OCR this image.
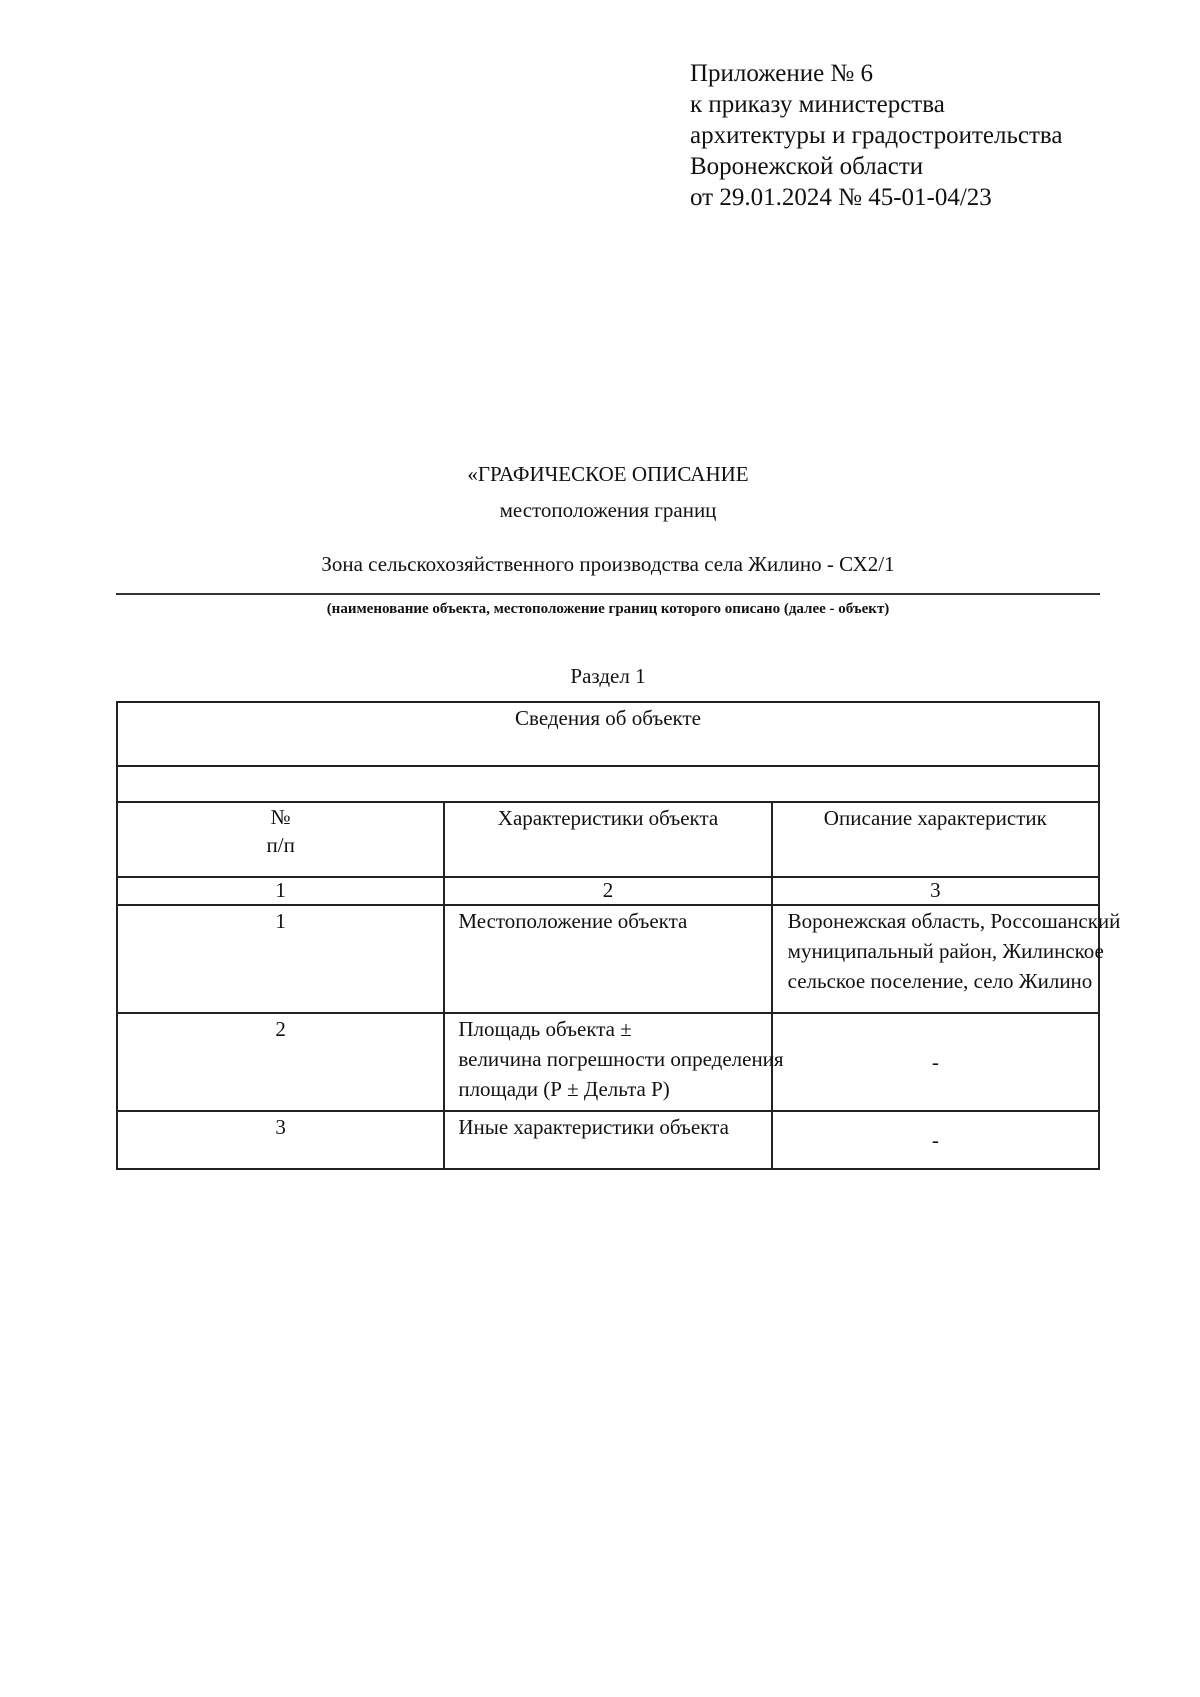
Приложение № 6
к приказу министерства
архитектуры и градостроительства
Воронежской области
от 29.01.2024 № 45-01-04/23
«ГРАФИЧЕСКОЕ ОПИСАНИЕ
местоположения границ
Зона сельскохозяйственного производства села Жилино - СХ2/1
(наименование объекта, местоположение границ которого описано (далее - объект)
Раздел 1
Сведения об объекте		

№
п/п	Характеристики объекта	Описание характеристик
1	2	3
1	Местоположение объекта	Воронежская область, Россошанский
муниципальный район, Жилинское
сельское поселение, село Жилино

2	Площадь объекта ±
величина погрешности определения
площади (Р ± Дельта Р)	-
3	Иные характеристики объекта	-
